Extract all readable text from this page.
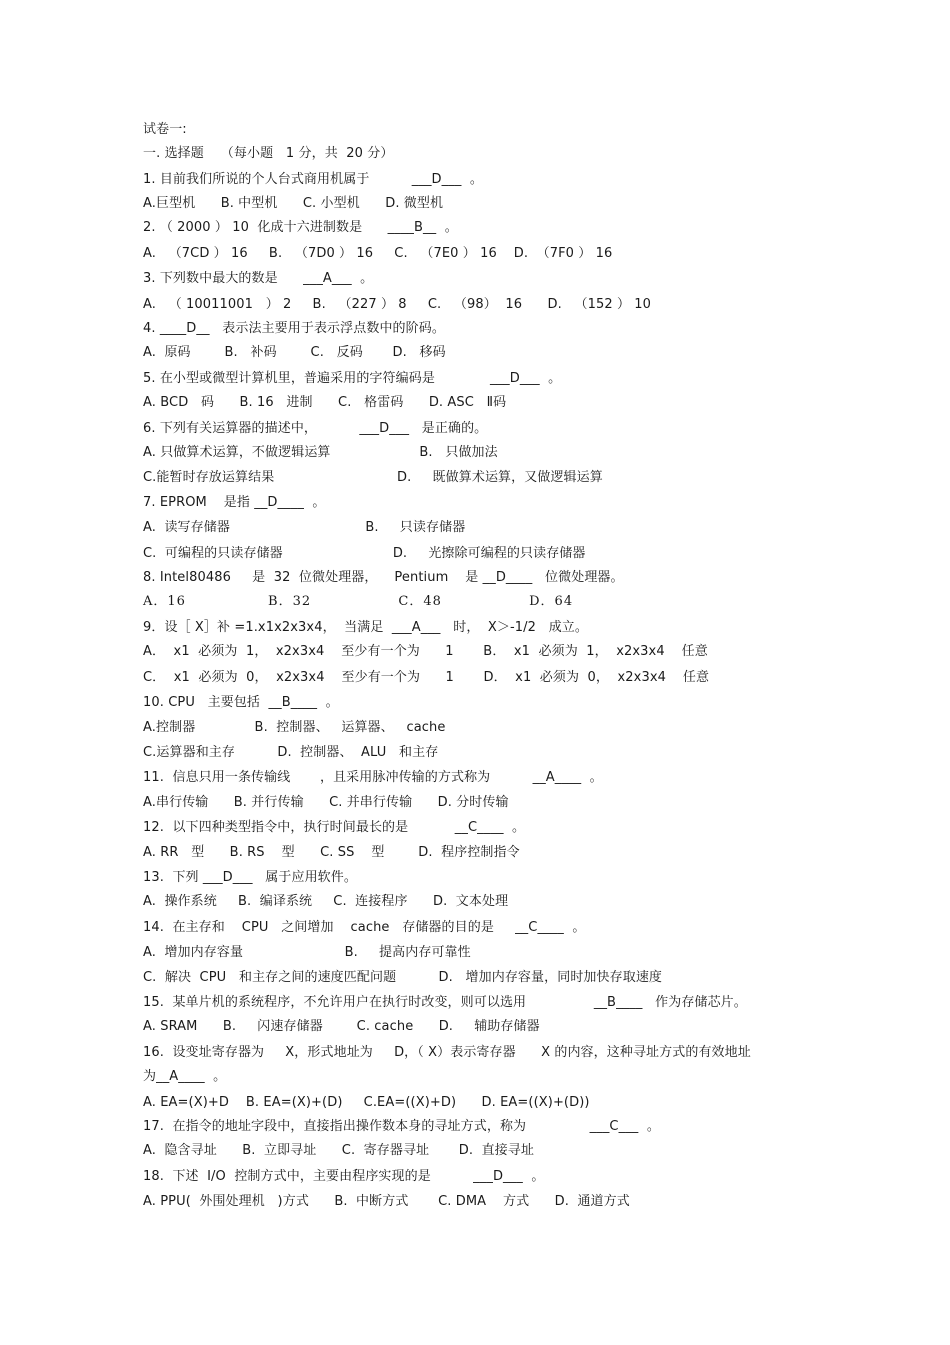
试卷一:
一. 选择题    （每小题   1 分，共  20 分）
1. 目前我们所说的个人台式商用机属于          ___D___  。
A.巨型机      B. 中型机      C. 小型机      D. 微型机
2. （ 2000 ） 10  化成十六进制数是      ____B__  。
A.   （7CD ） 16     B.   （7D0 ） 16     C.   （7E0 ） 16    D.  （7F0 ） 16
3. 下列数中最大的数是      ___A___  。
A.   （ 10011001   ） 2     B.   （227 ） 8     C.   （98）  16      D.   （152 ） 10
4. ____D__   表示法主要用于表示浮点数中的阶码。
A.  原码        B.   补码        C.   反码       D.   移码
5. 在小型或微型计算机里，普遍采用的字符编码是             ___D___  。
A. BCD   码      B. 16   进制      C.   格雷码      D. ASC   Ⅱ码
6. 下列有关运算器的描述中，          ___D___   是正确的。
A. 只做算术运算，不做逻辑运算                     B.   只做加法
C.能暂时存放运算结果                             D.     既做算术运算，又做逻辑运算
7. EPROM    是指 __D____  。
A.  读写存储器                                B.     只读存储器
C.  可编程的只读存储器                          D.     光擦除可编程的只读存储器
8. Intel80486     是  32  位微处理器，    Pentium    是 __D____   位微处理器。
A．16                B．32                 C．48                 D．64
9．设［ X］补 =1.x1x2x3x4，  当满足  ___A___   时，  X＞-1/2   成立。
A．  x1  必须为  1，  x2x3x4    至少有一个为      1       B．  x1  必须为  1，  x2x3x4    任意
C．  x1  必须为  0，  x2x3x4    至少有一个为      1       D．  x1  必须为  0，  x2x3x4    任意
10. CPU   主要包括  __B____  。
A.控制器              B.  控制器、   运算器、   cache
C.运算器和主存          D.  控制器、  ALU   和主存
11.  信息只用一条传输线       ，且采用脉冲传输的方式称为          __A____  。
A.串行传输      B. 并行传输      C. 并串行传输      D. 分时传输
12.  以下四种类型指令中，执行时间最长的是           __C____  。
A. RR   型      B. RS    型      C. SS    型        D.  程序控制指令
13.  下列 ___D___   属于应用软件。
A.  操作系统     B.  编译系统     C.  连接程序      D.  文本处理
14.  在主存和    CPU   之间增加    cache   存储器的目的是     __C____  。
A.  增加内存容量                        B.     提高内存可靠性
C.  解决  CPU   和主存之间的速度匹配问题          D.   增加内存容量，同时加快存取速度
15.  某单片机的系统程序，不允许用户在执行时改变，则可以选用                __B____   作为存储芯片。
A. SRAM      B.     闪速存储器        C. cache      D.     辅助存储器
16.  设变址寄存器为     X，形式地址为     D，（ X）表示寄存器      X 的内容，这种寻址方式的有效地址
为__A____  。
A. EA=(X)+D    B. EA=(X)+(D)     C.EA=((X)+D)      D. EA=((X)+(D))
17.  在指令的地址字段中，直接指出操作数本身的寻址方式，称为               ___C___  。
A.  隐含寻址      B.  立即寻址      C.  寄存器寻址       D.  直接寻址
18.  下述  I/O  控制方式中，主要由程序实现的是          ___D___  。
A. PPU(  外围处理机   )方式      B.  中断方式       C. DMA    方式      D.  通道方式
